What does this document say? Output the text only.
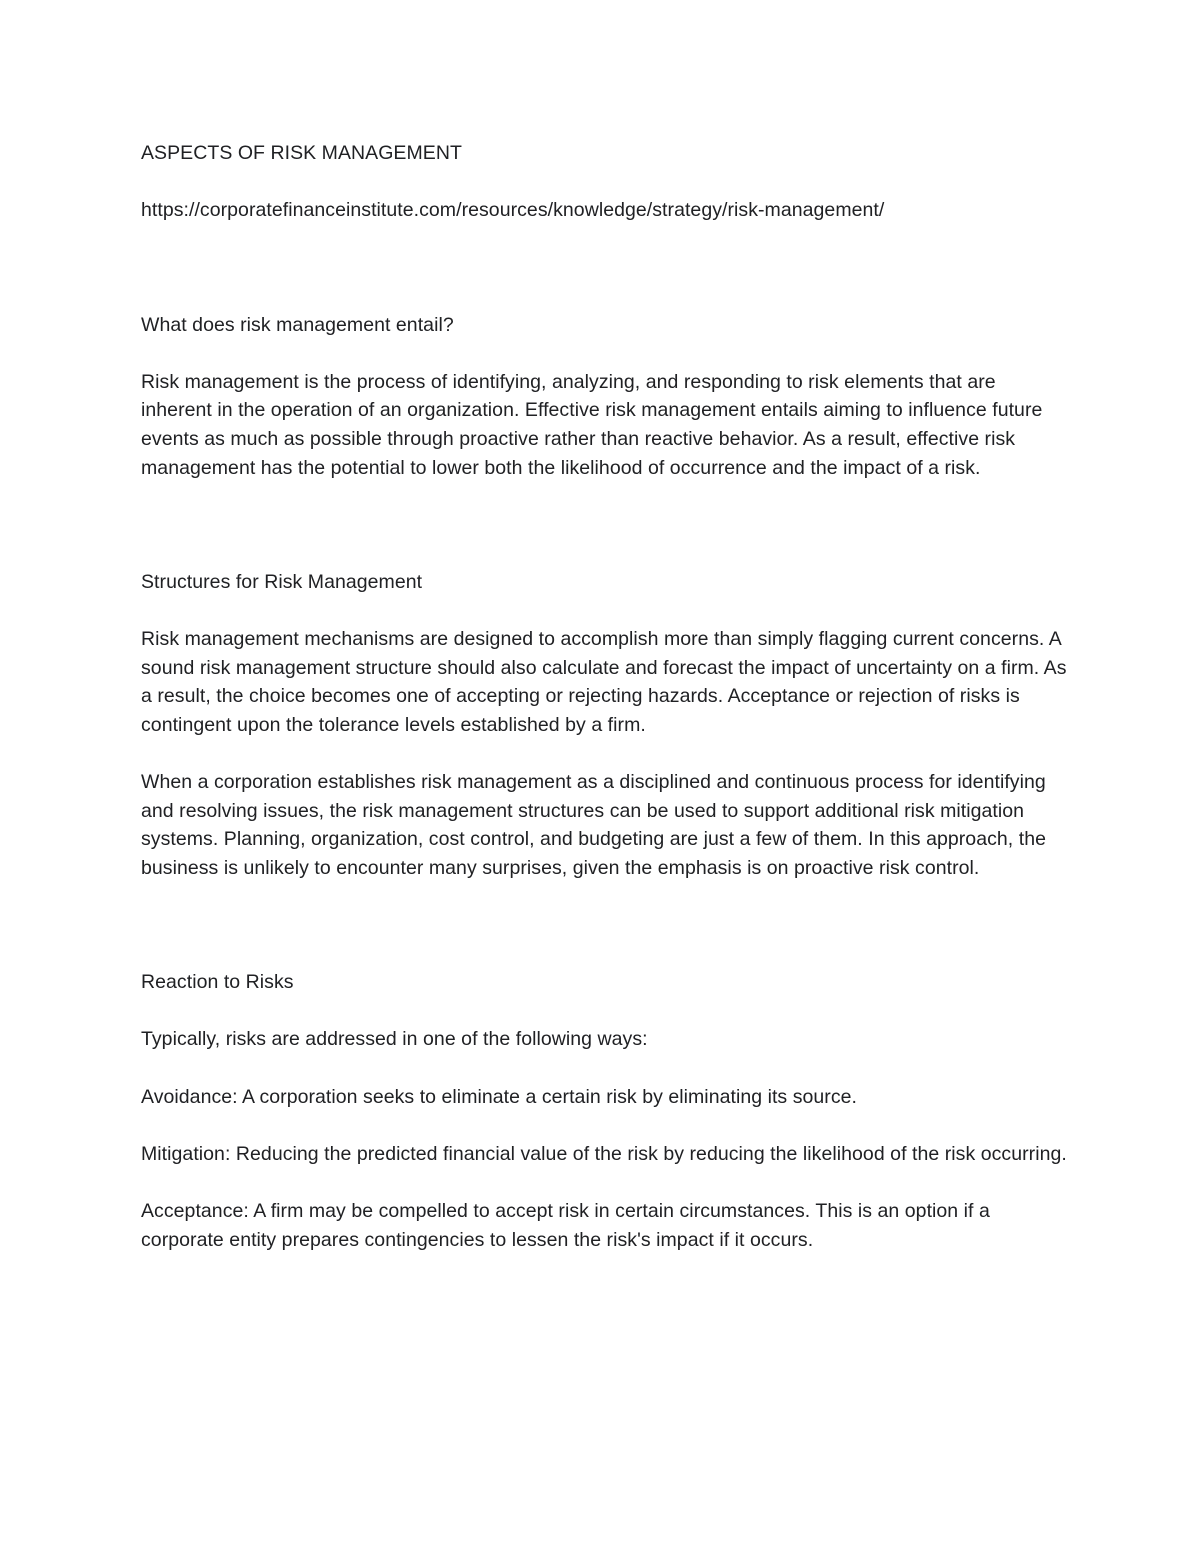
ASPECTS OF RISK MANAGEMENT

https://corporatefinanceinstitute.com/resources/knowledge/strategy/risk-management/

What does risk management entail?

Risk management is the process of identifying, analyzing, and responding to risk elements that are inherent in the operation of an organization. Effective risk management entails aiming to influence future events as much as possible through proactive rather than reactive behavior. As a result, effective risk management has the potential to lower both the likelihood of occurrence and the impact of a risk.

Structures for Risk Management

Risk management mechanisms are designed to accomplish more than simply flagging current concerns. A sound risk management structure should also calculate and forecast the impact of uncertainty on a firm. As a result, the choice becomes one of accepting or rejecting hazards. Acceptance or rejection of risks is contingent upon the tolerance levels established by a firm.

When a corporation establishes risk management as a disciplined and continuous process for identifying and resolving issues, the risk management structures can be used to support additional risk mitigation systems. Planning, organization, cost control, and budgeting are just a few of them. In this approach, the business is unlikely to encounter many surprises, given the emphasis is on proactive risk control.

Reaction to Risks

Typically, risks are addressed in one of the following ways:

Avoidance: A corporation seeks to eliminate a certain risk by eliminating its source.

Mitigation: Reducing the predicted financial value of the risk by reducing the likelihood of the risk occurring.

Acceptance: A firm may be compelled to accept risk in certain circumstances. This is an option if a corporate entity prepares contingencies to lessen the risk's impact if it occurs.
